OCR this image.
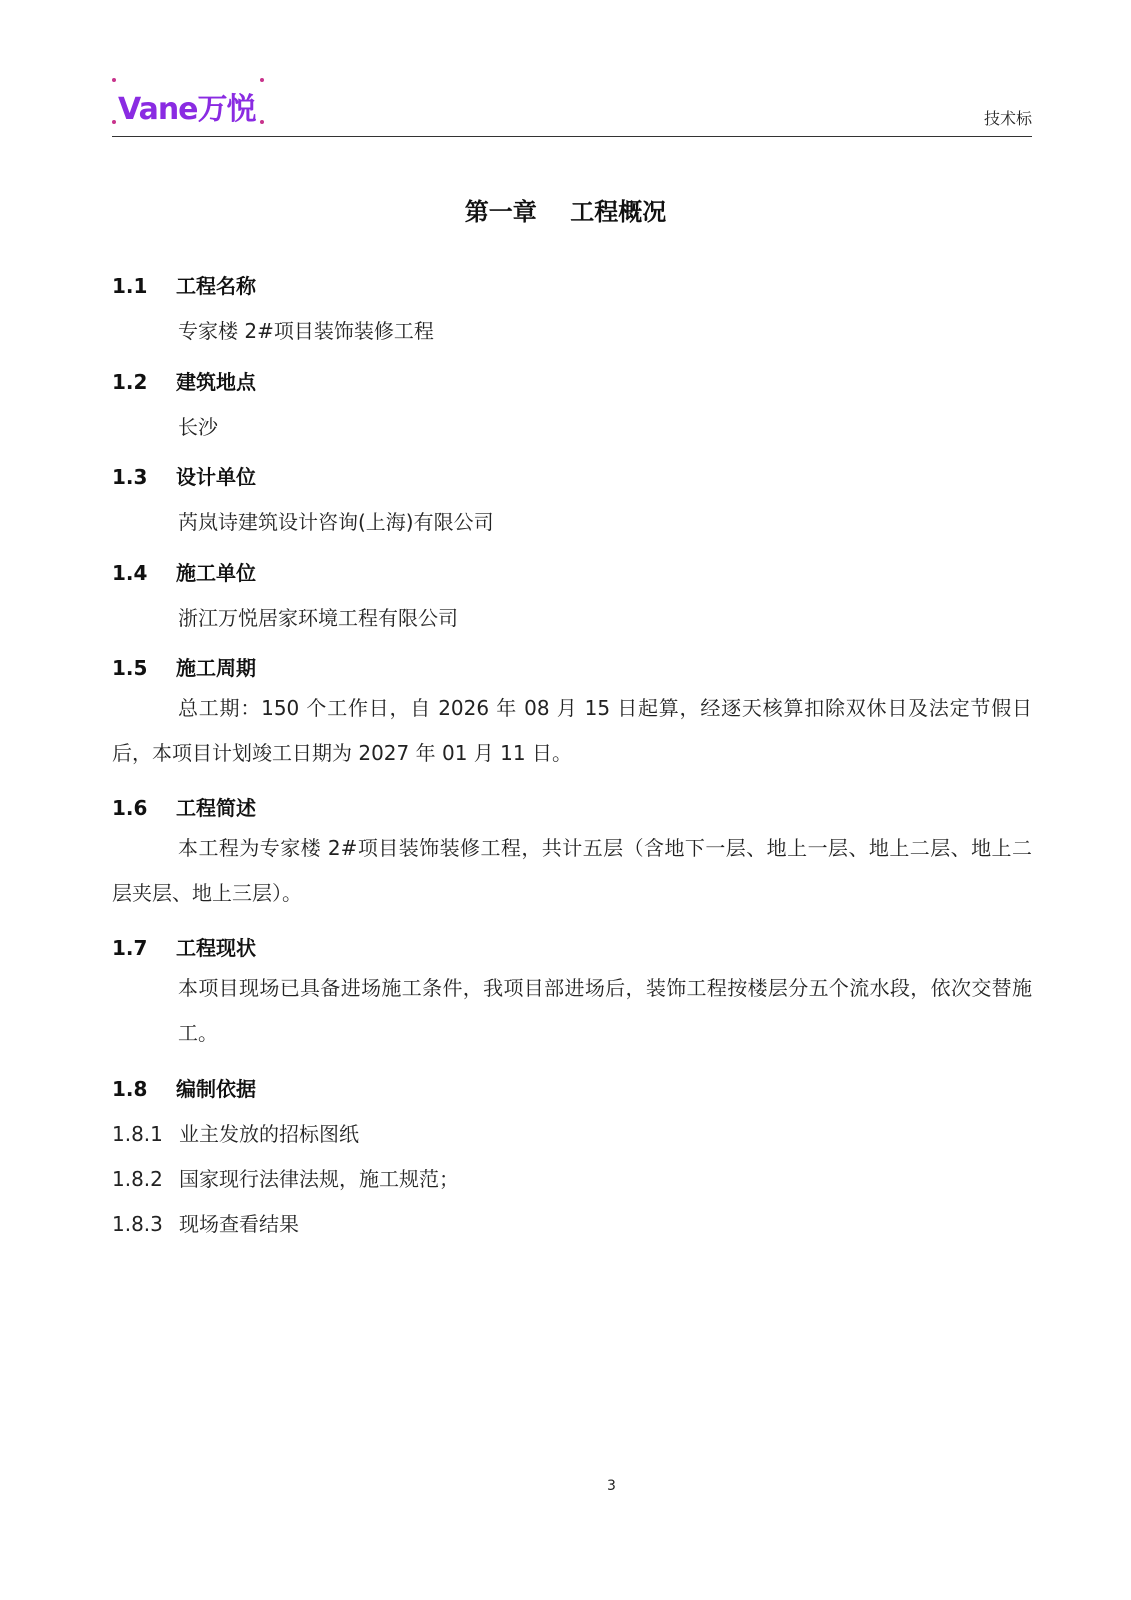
Vane万悦	技术标
第一章    工程概况
1.1 工程名称
专家楼 2#项目装饰装修工程
1.2 建筑地点
长沙
1.3 设计单位
芮岚诗建筑设计咨询(上海)有限公司
1.4 施工单位
浙江万悦居家环境工程有限公司
1.5 施工周期
总工期：150 个工作日，自 2026 年 08 月 15 日起算，经逐天核算扣除双休日及法定节假日后，本项目计划竣工日期为 2027 年 01 月 11 日。
1.6 工程简述
本工程为专家楼 2#项目装饰装修工程，共计五层（含地下一层、地上一层、地上二层、地上二层夹层、地上三层）。
1.7 工程现状
本项目现场已具备进场施工条件，我项目部进场后，装饰工程按楼层分五个流水段，依次交替施工。
1.8 编制依据
1.8.1 业主发放的招标图纸
1.8.2 国家现行法律法规，施工规范；
1.8.3 现场查看结果
3
